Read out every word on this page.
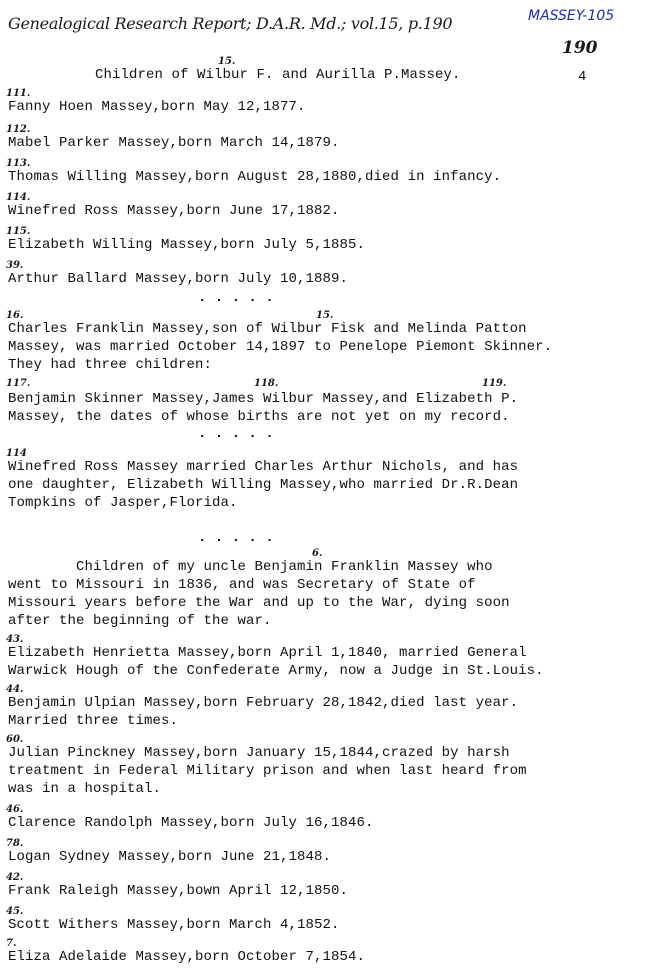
Genealogical Research Report; D.A.R. Md.; vol.15, p.190	MASSEY-105
190
4
15.
Children of Wilbur F. and Aurilla P.Massey.
111.
Fanny Hoen Massey,born May 12,1877.
112.
Mabel Parker Massey,born March 14,1879.
113.
Thomas Willing Massey,born August 28,1880,died in infancy.
114.
Winefred Ross Massey,born June 17,1882.
115.
Elizabeth Willing Massey,born July 5,1885.
39.
Arthur Ballard Massey,born July 10,1889.
. . . . .
16.	15.
Charles Franklin Massey,son of Wilbur Fisk and Melinda Patton
Massey, was married October 14,1897 to Penelope Piemont Skinner.
They had three children:
117.	118.	119.
Benjamin Skinner Massey,James Wilbur Massey,and Elizabeth P.
Massey, the dates of whose births are not yet on my record.
. . . . .
114
Winefred Ross Massey married Charles Arthur Nichols, and has
one daughter, Elizabeth Willing Massey,who married Dr.R.Dean
Tompkins of Jasper,Florida.
. . . . .
6.
Children of my uncle Benjamin Franklin Massey who
went to Missouri in 1836, and was Secretary of State of
Missouri years before the War and up to the War, dying soon
after the beginning of the war.
43.
Elizabeth Henrietta Massey,born April 1,1840, married General
Warwick Hough of the Confederate Army, now a Judge in St.Louis.
44.
Benjamin Ulpian Massey,born February 28,1842,died last year.
Married three times.
60.
Julian Pinckney Massey,born January 15,1844,crazed by harsh
treatment in Federal Military prison and when last heard from
was in a hospital.
46.
Clarence Randolph Massey,born July 16,1846.
78.
Logan Sydney Massey,born June 21,1848.
42.
Frank Raleigh Massey,bown April 12,1850.
45.
Scott Withers Massey,born March 4,1852.
7.
Eliza Adelaide Massey,born October 7,1854.
